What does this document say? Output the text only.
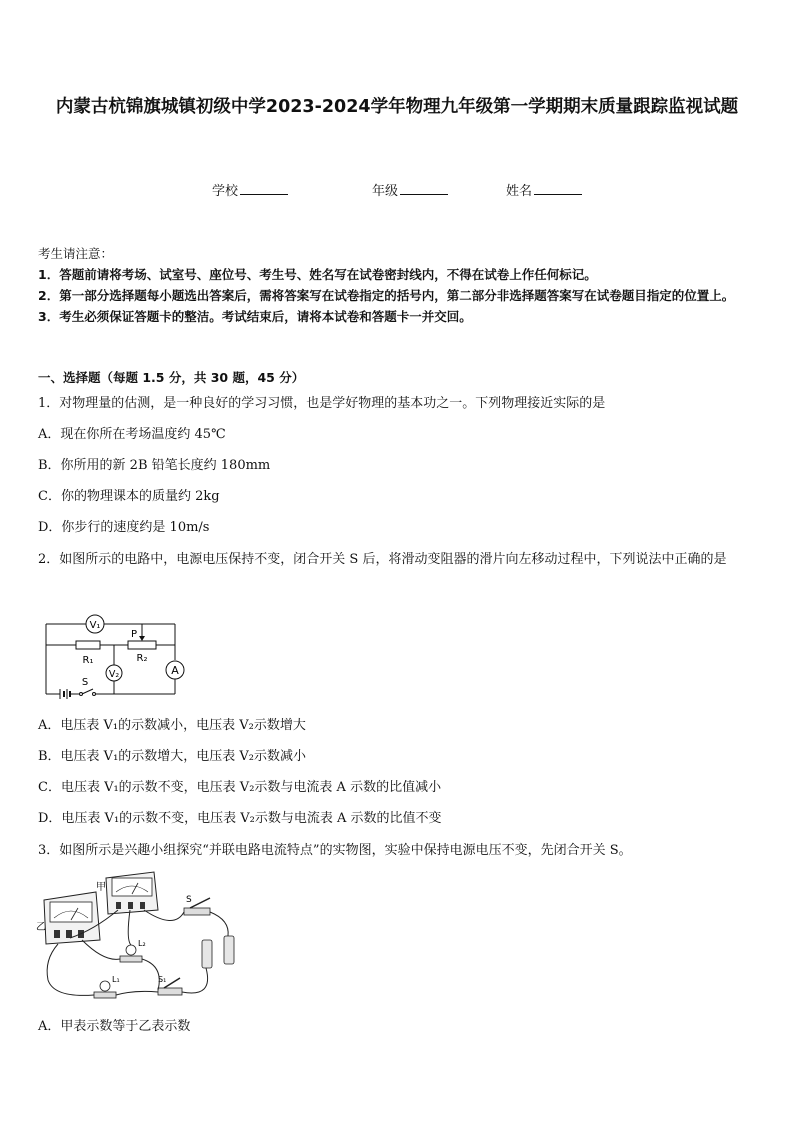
内蒙古杭锦旗城镇初级中学2023-2024学年物理九年级第一学期期末质量跟踪监视试题
学校	年级	姓名

考生请注意：

1．答题前请将考场、试室号、座位号、考生号、姓名写在试卷密封线内，不得在试卷上作任何标记。

2．第一部分选择题每小题选出答案后，需将答案写在试卷指定的括号内，第二部分非选择题答案写在试卷题目指定的位置上。

3．考生必须保证答题卡的整洁。考试结束后，请将本试卷和答题卡一并交回。

一、选择题（每题 1.5 分，共 30 题，45 分）
1．对物理量的估测，是一种良好的学习习惯，也是学好物理的基本功之一。下列物理接近实际的是
A．现在你所在考场温度约 45℃
B．你所用的新 2B 铅笔长度约 180mm
C．你的物理课本的质量约 2kg
D．你步行的速度约是 10m/s
2．如图所示的电路中，电源电压保持不变，闭合开关 S 后，将滑动变阻器的滑片向左移动过程中，下列说法中正确的是
V₁
R₁	R₂
P
V₂	A
S
A．电压表 V₁的示数减小，电压表 V₂示数增大
B．电压表 V₁的示数增大，电压表 V₂示数减小
C．电压表 V₁的示数不变，电压表 V₂示数与电流表 A 示数的比值减小
D．电压表 V₁的示数不变，电压表 V₂示数与电流表 A 示数的比值不变
3．如图所示是兴趣小组探究“并联电路电流特点”的实物图，实验中保持电源电压不变，先闭合开关 S。
乙
甲
S
L₂
L₁	S₁
A．甲表示数等于乙表示数
